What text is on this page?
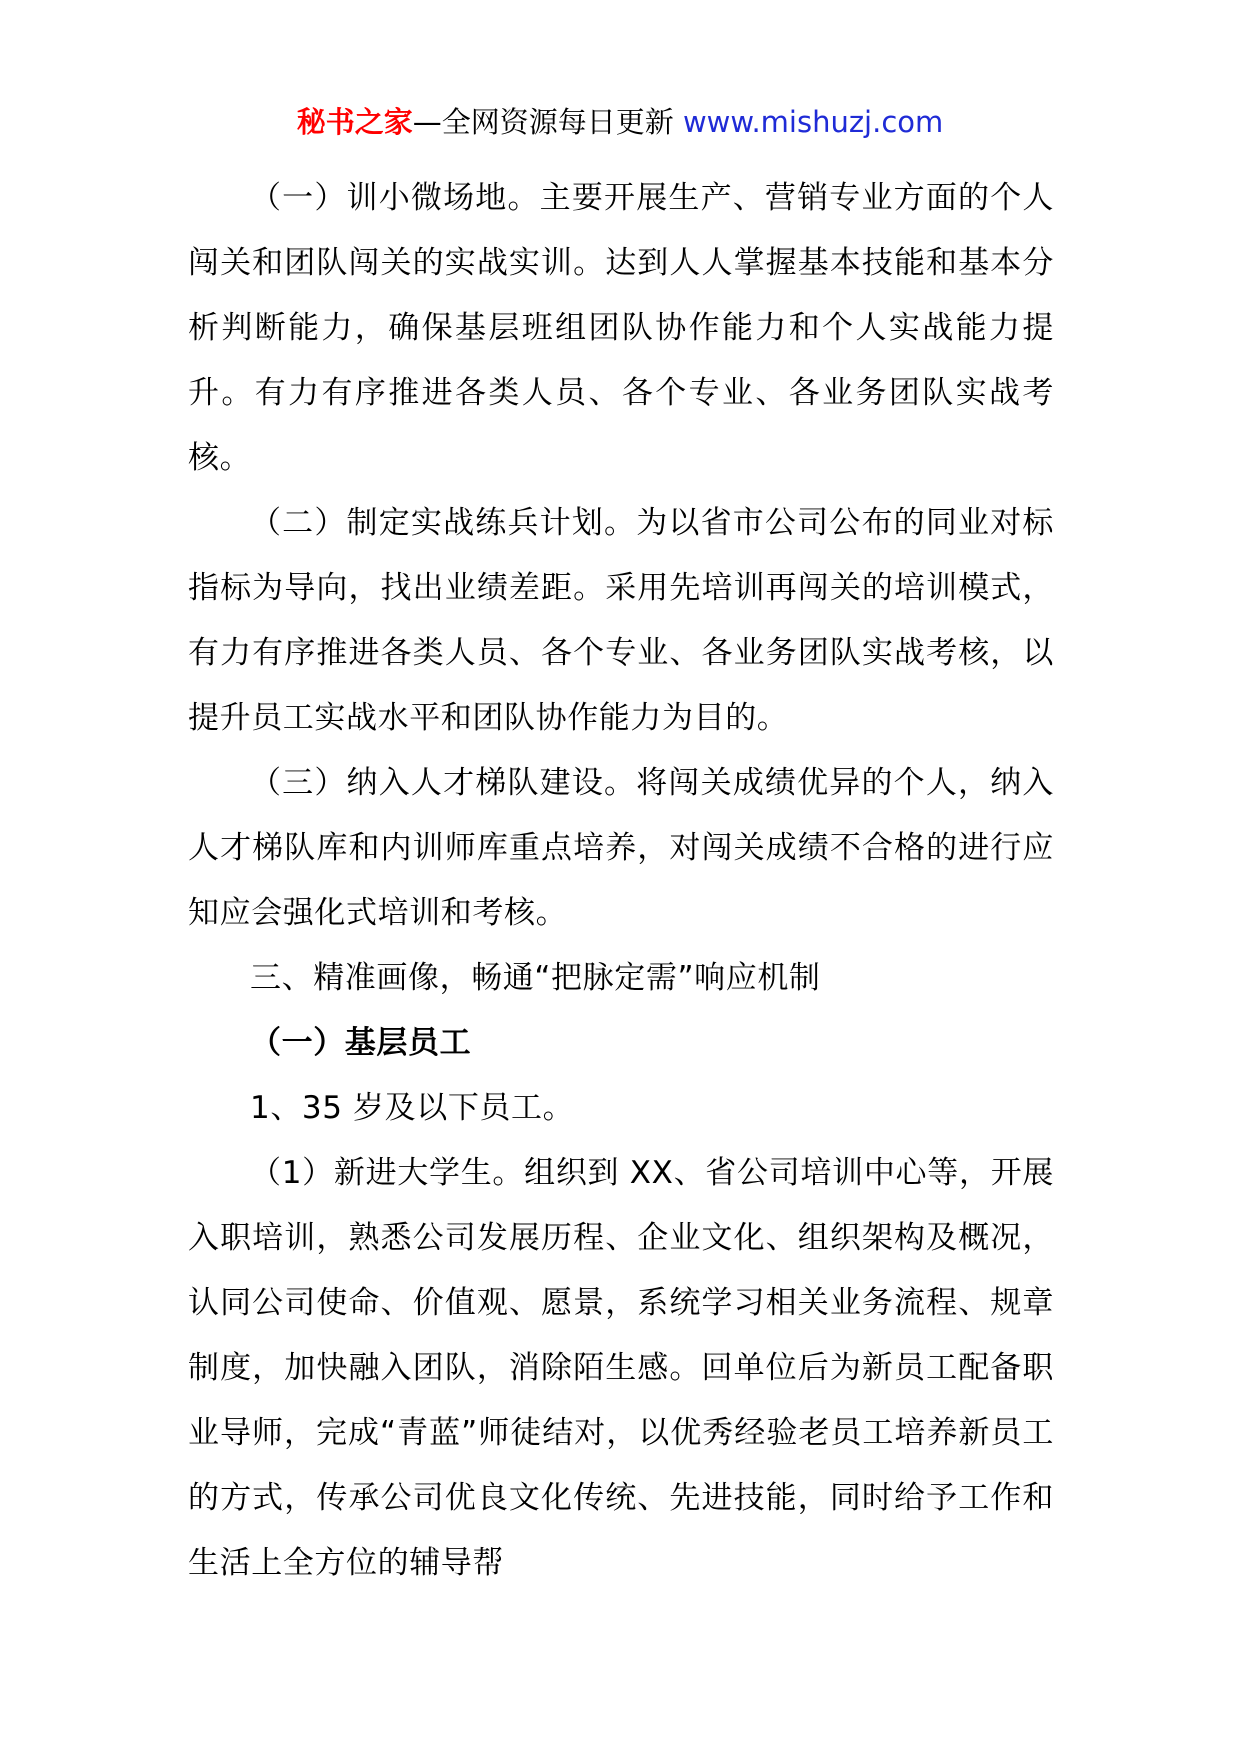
秘书之家—全网资源每日更新 www.mishuzj.com

（一）训小微场地。主要开展生产、营销专业方面的个人闯关和团队闯关的实战实训。达到人人掌握基本技能和基本分析判断能力，确保基层班组团队协作能力和个人实战能力提升。有力有序推进各类人员、各个专业、各业务团队实战考核。

（二）制定实战练兵计划。为以省市公司公布的同业对标指标为导向，找出业绩差距。采用先培训再闯关的培训模式，有力有序推进各类人员、各个专业、各业务团队实战考核，以提升员工实战水平和团队协作能力为目的。

（三）纳入人才梯队建设。将闯关成绩优异的个人，纳入人才梯队库和内训师库重点培养，对闯关成绩不合格的进行应知应会强化式培训和考核。

三、精准画像，畅通“把脉定需”响应机制

（一）基层员工

1、35 岁及以下员工。

（1）新进大学生。组织到 XX、省公司培训中心等，开展入职培训，熟悉公司发展历程、企业文化、组织架构及概况，认同公司使命、价值观、愿景，系统学习相关业务流程、规章制度，加快融入团队，消除陌生感。回单位后为新员工配备职业导师，完成“青蓝”师徒结对，以优秀经验老员工培养新员工的方式，传承公司优良文化传统、先进技能，同时给予工作和生活上全方位的辅导帮
